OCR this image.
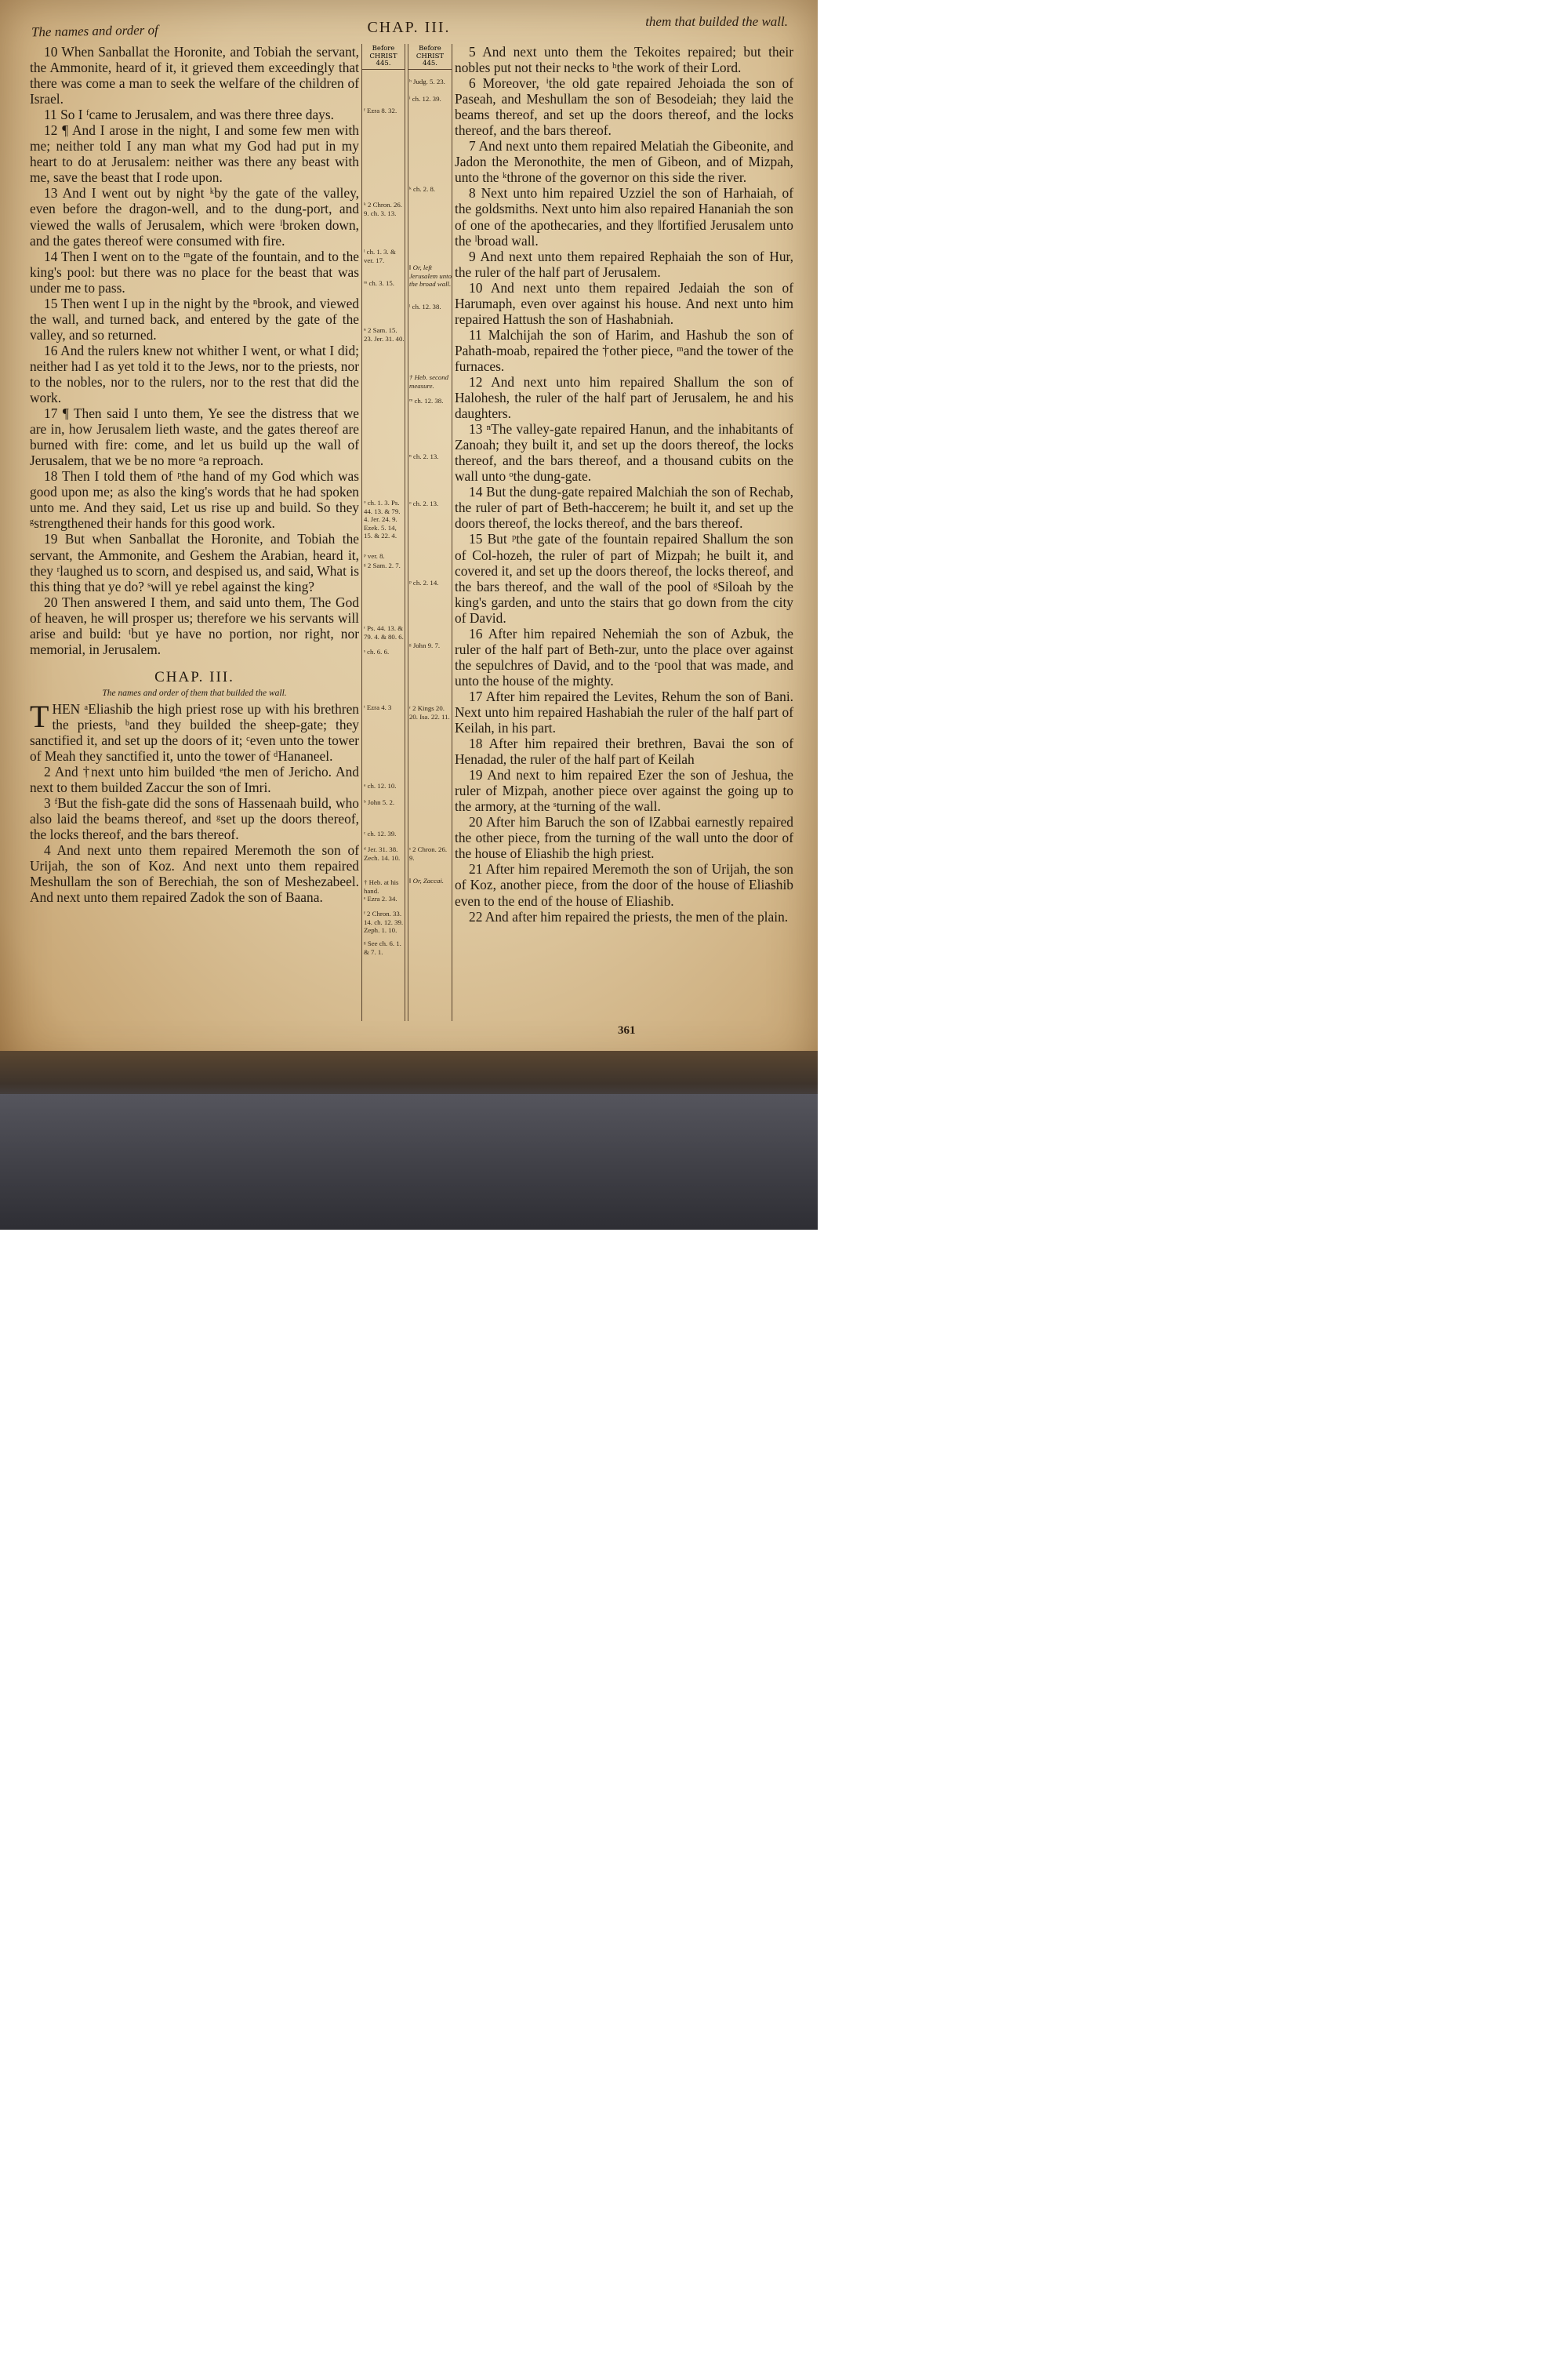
The names and order of	CHAP. III.	them that builded the wall.
Before CHRIST 445.
Before CHRIST 445.

10 When Sanballat the Horonite, and Tobiah the servant, the Ammonite, heard of it, it grieved them exceedingly that there was come a man to seek the welfare of the children of Israel.

11 So I ᶠcame to Jerusalem, and was there three days.

12 ¶ And I arose in the night, I and some few men with me; neither told I any man what my God had put in my heart to do at Jerusalem: neither was there any beast with me, save the beast that I rode upon.

13 And I went out by night ᵏby the gate of the valley, even before the dragon-well, and to the dung-port, and viewed the walls of Jerusalem, which were ˡbroken down, and the gates thereof were consumed with fire.

14 Then I went on to the ᵐgate of the fountain, and to the king's pool: but there was no place for the beast that was under me to pass.

15 Then went I up in the night by the ⁿbrook, and viewed the wall, and turned back, and entered by the gate of the valley, and so returned.

16 And the rulers knew not whither I went, or what I did; neither had I as yet told it to the Jews, nor to the priests, nor to the nobles, nor to the rulers, nor to the rest that did the work.

17 ¶ Then said I unto them, Ye see the distress that we are in, how Jerusalem lieth waste, and the gates thereof are burned with fire: come, and let us build up the wall of Jerusalem, that we be no more ᵒa reproach.

18 Then I told them of ᵖthe hand of my God which was good upon me; as also the king's words that he had spoken unto me. And they said, Let us rise up and build. So they ᵍstrengthened their hands for this good work.

19 But when Sanballat the Horonite, and Tobiah the servant, the Ammonite, and Geshem the Arabian, heard it, they ʳlaughed us to scorn, and despised us, and said, What is this thing that ye do? ˢwill ye rebel against the king?

20 Then answered I them, and said unto them, The God of heaven, he will prosper us; therefore we his servants will arise and build: ᵗbut ye have no portion, nor right, nor memorial, in Jerusalem.

CHAP. III.
The names and order of them that builded the wall.

THEN ᵃEliashib the high priest rose up with his brethren the priests, ᵇand they builded the sheep-gate; they sanctified it, and set up the doors of it; ᶜeven unto the tower of Meah they sanctified it, unto the tower of ᵈHananeel.

2 And †next unto him builded ᵉthe men of Jericho. And next to them builded Zaccur the son of Imri.

3 ᶠBut the fish-gate did the sons of Hassenaah build, who also laid the beams thereof, and ᵍset up the doors thereof, the locks thereof, and the bars thereof.

4 And next unto them repaired Meremoth the son of Urijah, the son of Koz. And next unto them repaired Meshullam the son of Berechiah, the son of Meshezabeel. And next unto them repaired Zadok the son of Baana.

ᶠ Ezra 8. 32.
ᵏ 2 Chron. 26. 9. ch. 3. 13.
ˡ ch. 1. 3. & ver. 17.
ᵐ ch. 3. 15.
ⁿ 2 Sam. 15. 23. Jer. 31. 40.
ᵒ ch. 1. 3. Ps. 44. 13. & 79. 4. Jer. 24. 9. Ezek. 5. 14, 15. & 22. 4.
ᵖ ver. 8.
ᵍ 2 Sam. 2. 7.
ʳ Ps. 44. 13. & 79. 4. & 80. 6.
ˢ ch. 6. 6.
ᵗ Ezra 4. 3
ᵃ ch. 12. 10.
ᵇ John 5. 2.
ᶜ ch. 12. 39.
ᵈ Jer. 31. 38. Zech. 14. 10.
† Heb. at his hand.
ᵉ Ezra 2. 34.
ᶠ 2 Chron. 33. 14. ch. 12. 39. Zeph. 1. 10.
ᵍ See ch. 6. 1. & 7. 1.
ʰ Judg. 5. 23.
ⁱ ch. 12. 39.
ᵏ ch. 2. 8.
‖ Or, left Jerusalem unto the broad wall.
ˡ ch. 12. 38.
† Heb. second measure.
ᵐ ch. 12. 38.
ⁿ ch. 2. 13.
ᵒ ch. 2. 13.
ᵖ ch. 2. 14.
ᵍ John 9. 7.
ʳ 2 Kings 20. 20. Isa. 22. 11.
ˢ 2 Chron. 26. 9.
‖ Or, Zaccai.

5 And next unto them the Tekoites repaired; but their nobles put not their necks to ʰthe work of their Lord.

6 Moreover, ⁱthe old gate repaired Jehoiada the son of Paseah, and Meshullam the son of Besodeiah; they laid the beams thereof, and set up the doors thereof, and the locks thereof, and the bars thereof.

7 And next unto them repaired Melatiah the Gibeonite, and Jadon the Meronothite, the men of Gibeon, and of Mizpah, unto the ᵏthrone of the governor on this side the river.

8 Next unto him repaired Uzziel the son of Harhaiah, of the goldsmiths. Next unto him also repaired Hananiah the son of one of the apothecaries, and they ‖fortified Jerusalem unto the ˡbroad wall.

9 And next unto them repaired Rephaiah the son of Hur, the ruler of the half part of Jerusalem.

10 And next unto them repaired Jedaiah the son of Harumaph, even over against his house. And next unto him repaired Hattush the son of Hashabniah.

11 Malchijah the son of Harim, and Hashub the son of Pahath-moab, repaired the †other piece, ᵐand the tower of the furnaces.

12 And next unto him repaired Shallum the son of Halohesh, the ruler of the half part of Jerusalem, he and his daughters.

13 ⁿThe valley-gate repaired Hanun, and the inhabitants of Zanoah; they built it, and set up the doors thereof, the locks thereof, and the bars thereof, and a thousand cubits on the wall unto ᵒthe dung-gate.

14 But the dung-gate repaired Malchiah the son of Rechab, the ruler of part of Beth-haccerem; he built it, and set up the doors thereof, the locks thereof, and the bars thereof.

15 But ᵖthe gate of the fountain repaired Shallum the son of Col-hozeh, the ruler of part of Mizpah; he built it, and covered it, and set up the doors thereof, the locks thereof, and the bars thereof, and the wall of the pool of ᵍSiloah by the king's garden, and unto the stairs that go down from the city of David.

16 After him repaired Nehemiah the son of Azbuk, the ruler of the half part of Beth-zur, unto the place over against the sepulchres of David, and to the ʳpool that was made, and unto the house of the mighty.

17 After him repaired the Levites, Rehum the son of Bani. Next unto him repaired Hashabiah the ruler of the half part of Keilah, in his part.

18 After him repaired their brethren, Bavai the son of Henadad, the ruler of the half part of Keilah

19 And next to him repaired Ezer the son of Jeshua, the ruler of Mizpah, another piece over against the going up to the armory, at the ˢturning of the wall.

20 After him Baruch the son of ‖Zabbai earnestly repaired the other piece, from the turning of the wall unto the door of the house of Eliashib the high priest.

21 After him repaired Meremoth the son of Urijah, the son of Koz, another piece, from the door of the house of Eliashib even to the end of the house of Eliashib.

22 And after him repaired the priests, the men of the plain.

361
